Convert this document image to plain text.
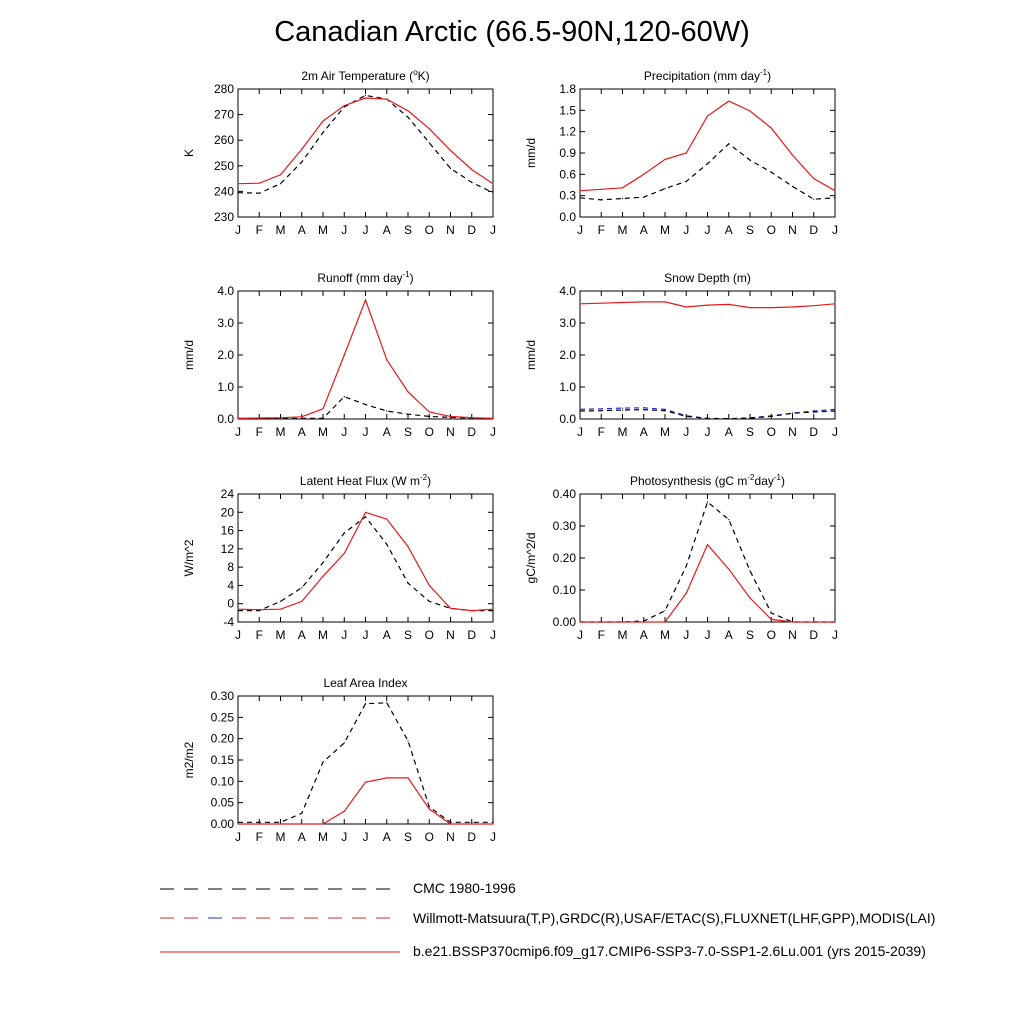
Canadian Arctic (66.5-90N,120-60W)
J F M A M J J A S O N D J
230
240
250
260
270
280
K
2m Air Temperature ($^o$K)
J F M A M J J A S O N D J
0.0
0.3
0.6
0.9
1.2
1.5
1.8
mm/d
Precipitation (mm day$^{-1}$)
J F M A M J J A S O N D J
0.0
1.0
2.0
3.0
4.0
mm/d
Runoff (mm day$^{-1}$)
J F M A M J J A S O N D J
0.0
1.0
2.0
3.0
4.0
mm/d
Snow Depth (m)
J F M A M J J A S O N D J
-4
0
4
8
12
16
20
24
W/m^2
Latent Heat Flux (W $m^{-2}$)
J F M A M J J A S O N D J
0.00
0.10
0.20
0.30
0.40
gC/m^2/d
Photosynthesis (gC $m^{-2}day^{-1}$)
J F M A M J J A S O N D J
0.00
0.05
0.10
0.15
0.20
0.25
0.30
m2/m2
Leaf Area Index
CMC 1980-1996
Willmott-Matsuura(T,P),GRDC(R),USAF/ETAC(S),FLUXNET(LHF,GPP),MODIS(LAI)
b.e21.BSSP370cmip6.f09_g17.CMIP6-SSP3-7.0-SSP1-2.6Lu.001 (yrs 2015-2039)
